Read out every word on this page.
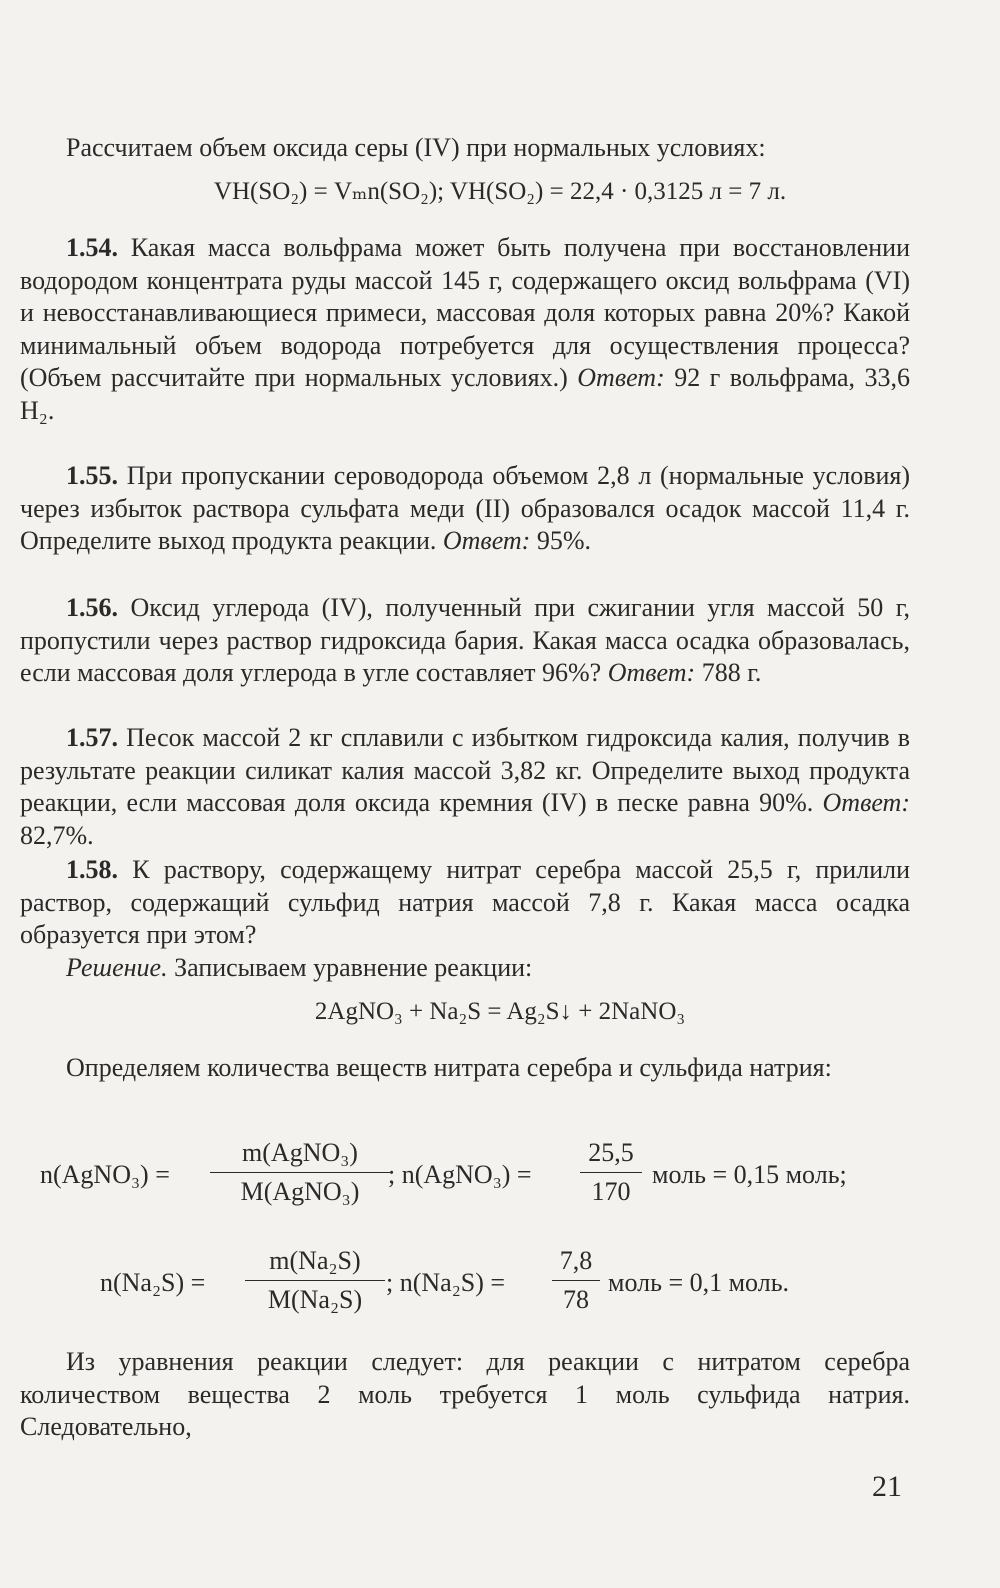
Рассчитаем объем оксида серы (IV) при нормальных условиях:

VН(SO₂) = Vₘn(SO₂); VН(SO₂) = 22,4 · 0,3125 л = 7 л.

1.54. Какая масса вольфрама может быть получена при восстановлении водородом концентрата руды массой 145 г, содержащего оксид вольфрама (VI) и невосстанавливающиеся примеси, массовая доля которых равна 20%? Какой минимальный объем водорода потребуется для осуществления процесса? (Объем рассчитайте при нормальных условиях.) Ответ: 92 г вольфрама, 33,6 H₂.

1.55. При пропускании сероводорода объемом 2,8 л (нормальные условия) через избыток раствора сульфата меди (II) образовался осадок массой 11,4 г. Определите выход продукта реакции. Ответ: 95%.

1.56. Оксид углерода (IV), полученный при сжигании угля массой 50 г, пропустили через раствор гидроксида бария. Какая масса осадка образовалась, если массовая доля углерода в угле составляет 96%? Ответ: 788 г.

1.57. Песок массой 2 кг сплавили с избытком гидроксида калия, получив в результате реакции силикат калия массой 3,82 кг. Определите выход продукта реакции, если массовая доля оксида кремния (IV) в песке равна 90%. Ответ: 82,7%.

1.58. К раствору, содержащему нитрат серебра массой 25,5 г, прилили раствор, содержащий сульфид натрия массой 7,8 г. Какая масса осадка образуется при этом?

Решение. Записываем уравнение реакции:

2AgNO₃ + Na₂S = Ag₂S↓ + 2NaNO₃

Определяем количества веществ нитрата серебра и сульфида натрия:

n(AgNO₃) =
m(AgNO₃)
M(AgNO₃)
; n(AgNO₃) = $\frac{25,5}{170}$ моль = 0,15 моль;
$n(Na_2S) = \frac{\text{m(Na₂S)}}{\text{M(Na₂S)}}$ ; $n(Na_2S) = \frac{7,8}{78}$ моль = 0,1 моль.

Из уравнения реакции следует: для реакции с нитратом серебра количеством вещества 2 моль требуется 1 моль сульфида натрия. Следовательно,

21
